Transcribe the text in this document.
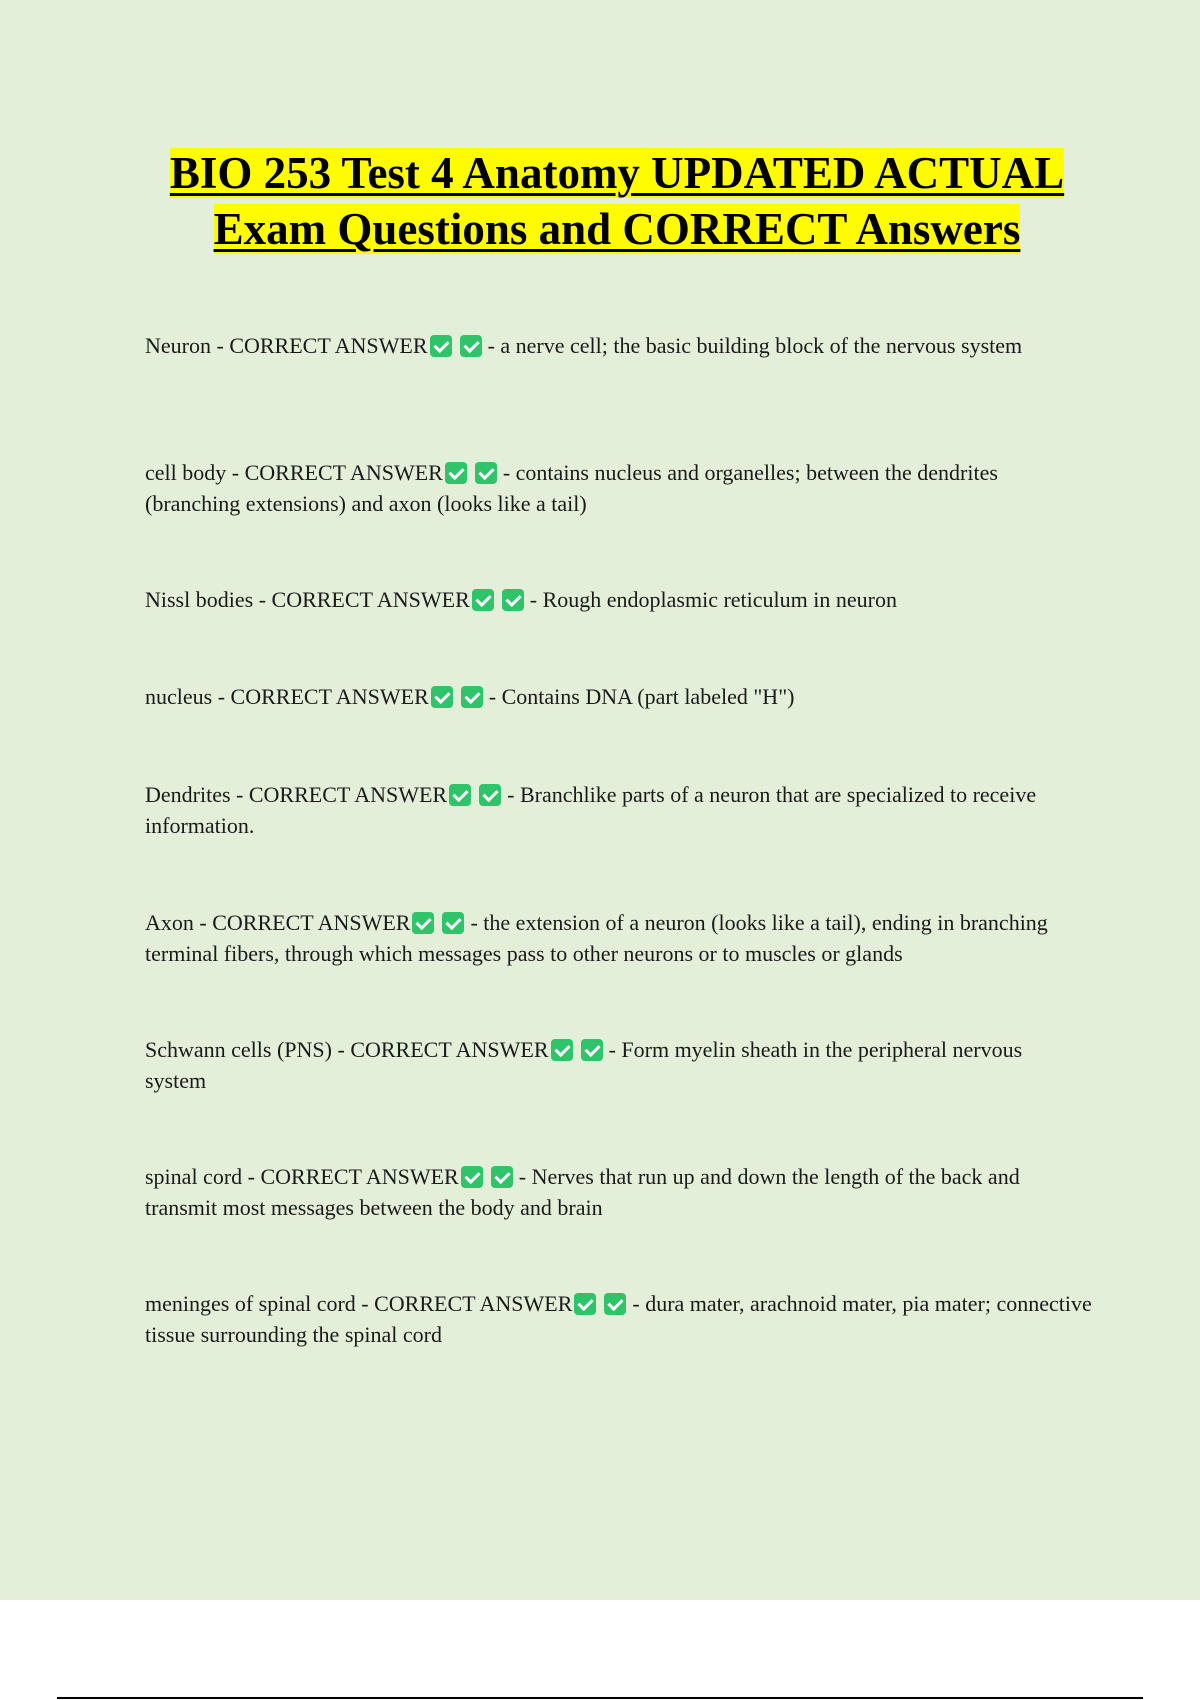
BIO 253 Test 4 Anatomy UPDATED ACTUAL Exam Questions and CORRECT Answers

Neuron - CORRECT ANSWER	- a nerve cell; the basic building block of the nervous system

cell body - CORRECT ANSWER	- contains nucleus and organelles; between the dendrites (branching extensions) and axon (looks like a tail)

Nissl bodies - CORRECT ANSWER	- Rough endoplasmic reticulum in neuron

nucleus - CORRECT ANSWER	- Contains DNA (part labeled "H")

Dendrites - CORRECT ANSWER	- Branchlike parts of a neuron that are specialized to receive information.

Axon - CORRECT ANSWER	- the extension of a neuron (looks like a tail), ending in branching terminal fibers, through which messages pass to other neurons or to muscles or glands

Schwann cells (PNS) - CORRECT ANSWER	- Form myelin sheath in the peripheral nervous system

spinal cord - CORRECT ANSWER	- Nerves that run up and down the length of the back and transmit most messages between the body and brain

meninges of spinal cord - CORRECT ANSWER	- dura mater, arachnoid mater, pia mater; connective tissue surrounding the spinal cord
